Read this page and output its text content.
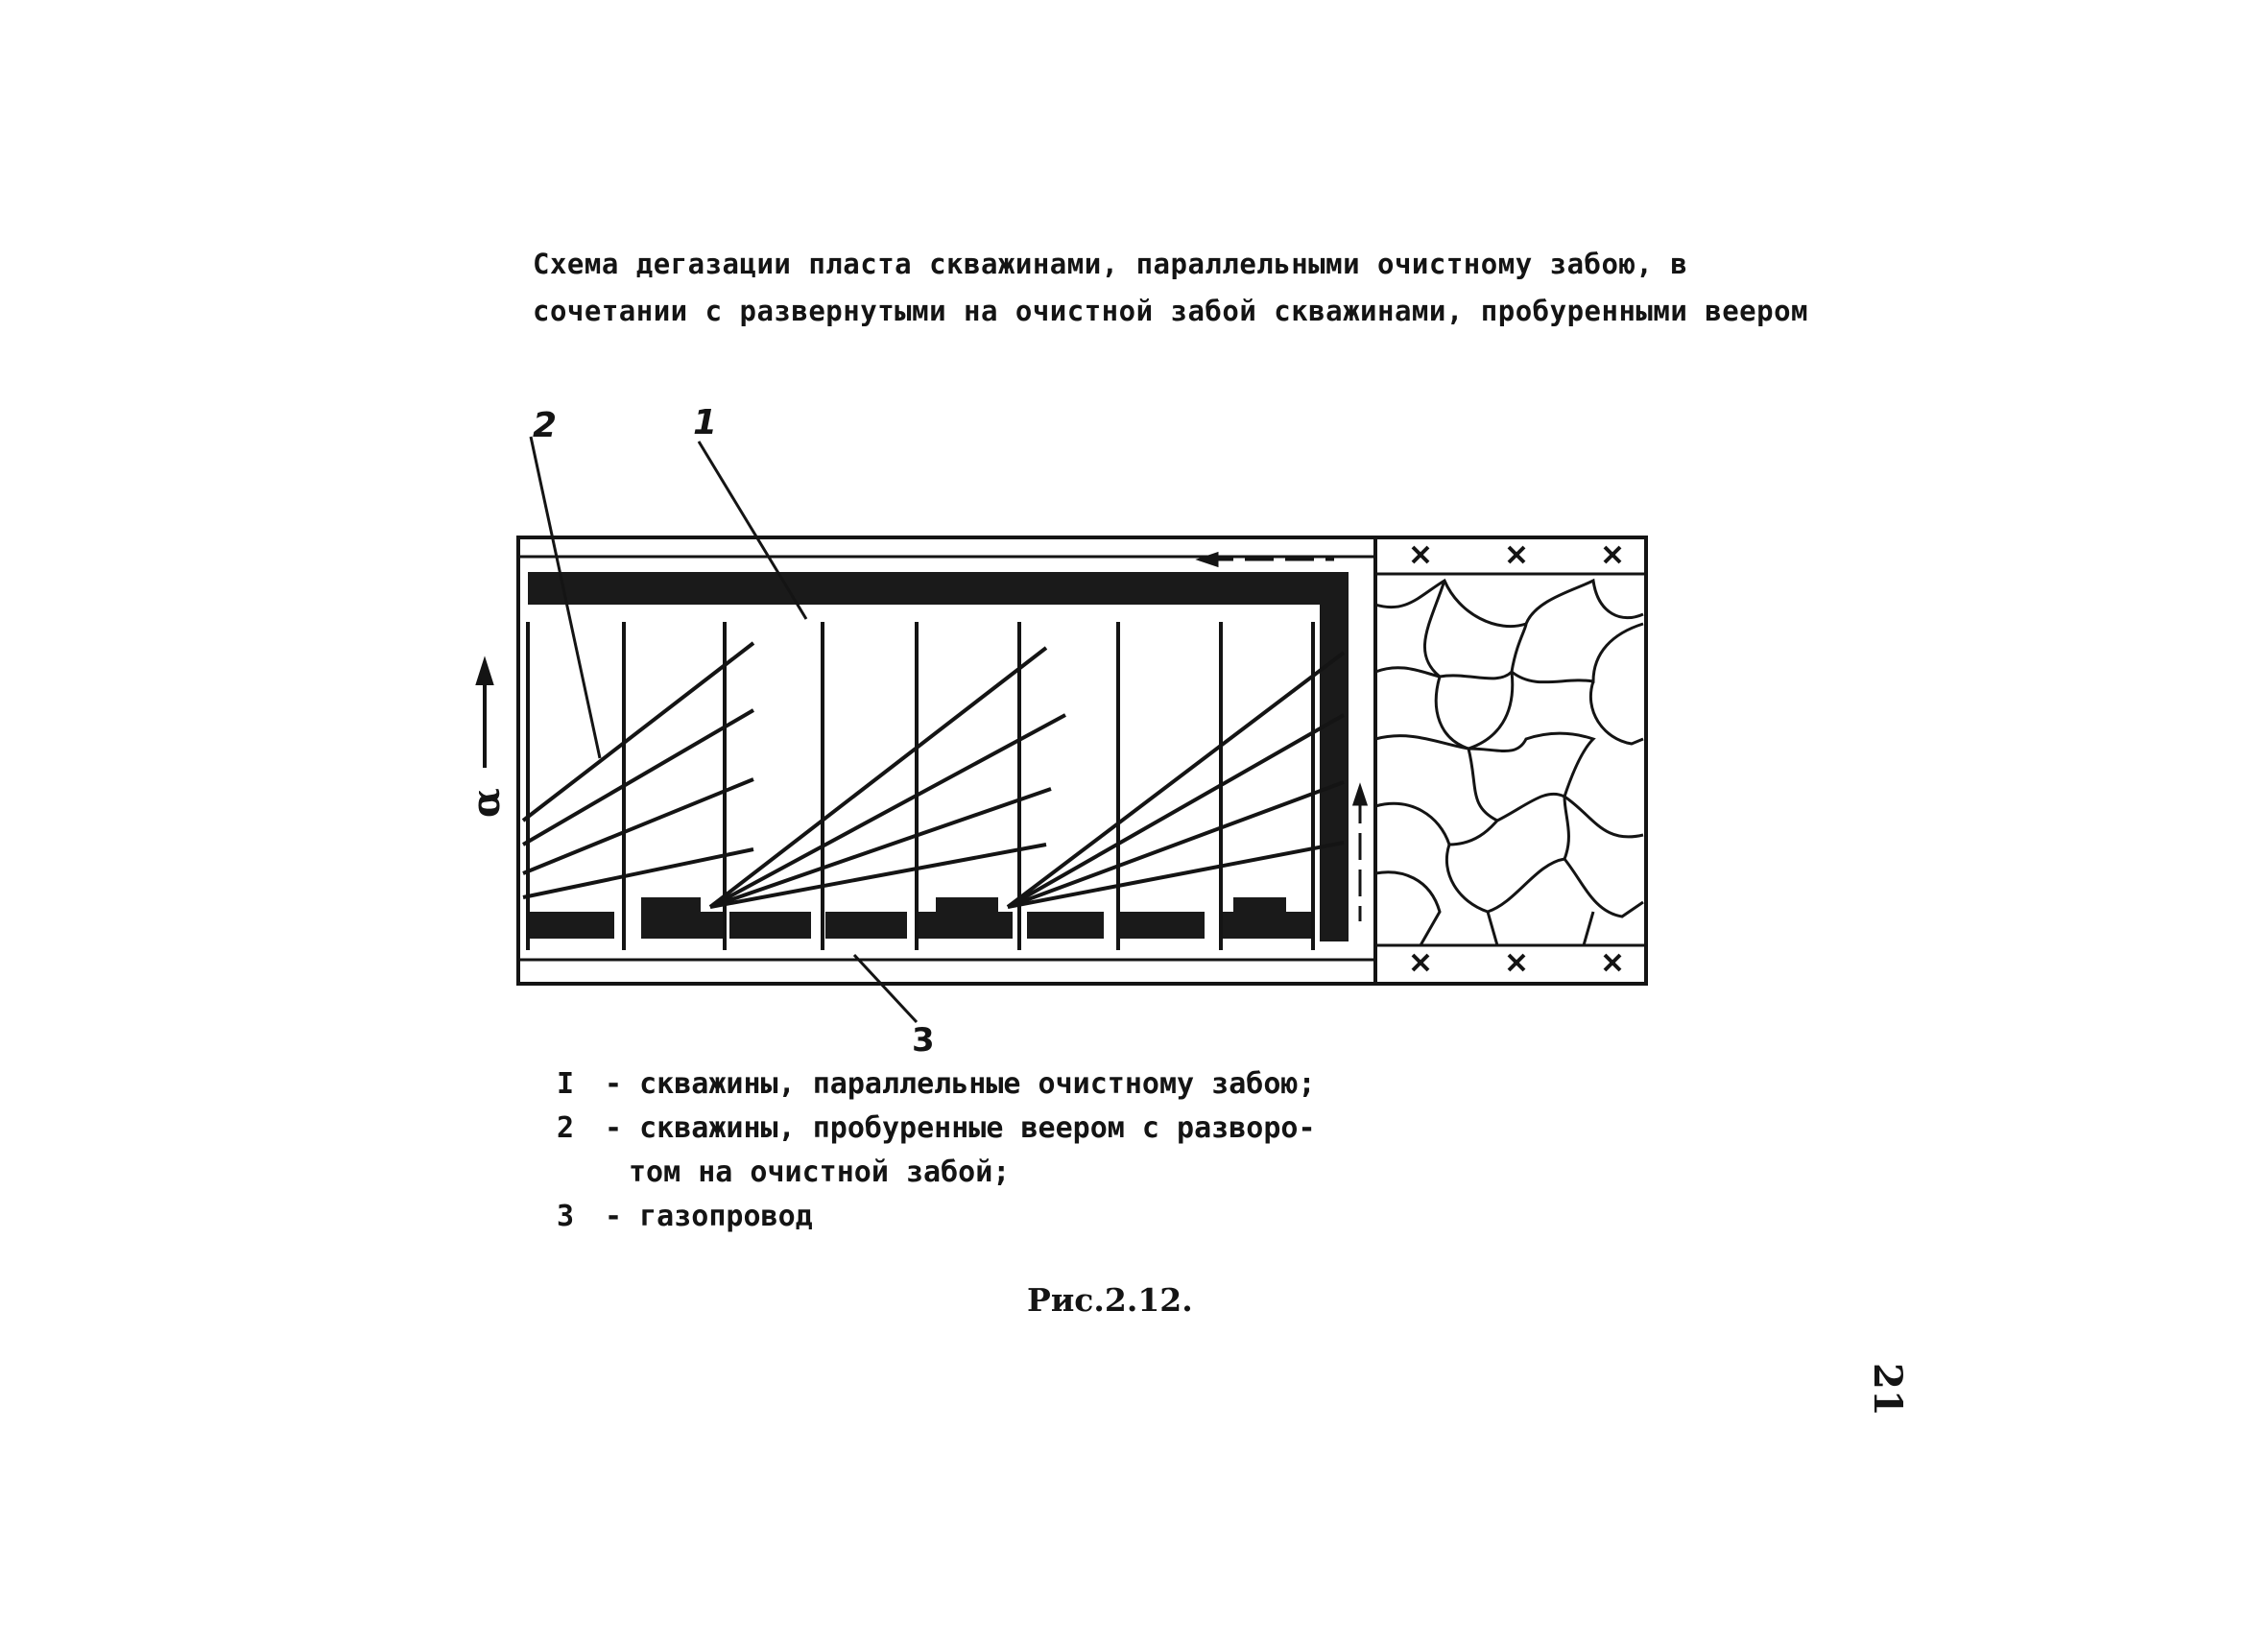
Схема дегазации пласта скважинами, параллельными очистному забою, в
сочетании с развернутыми на очистной забой скважинами, пробуренными веером
2	1
3
α
I - скважины, параллельные очистному забою;
2 - скважины, пробуренные веером с разворо-
том на очистной забой;
3 - газопровод
Рис.2.12.
21
